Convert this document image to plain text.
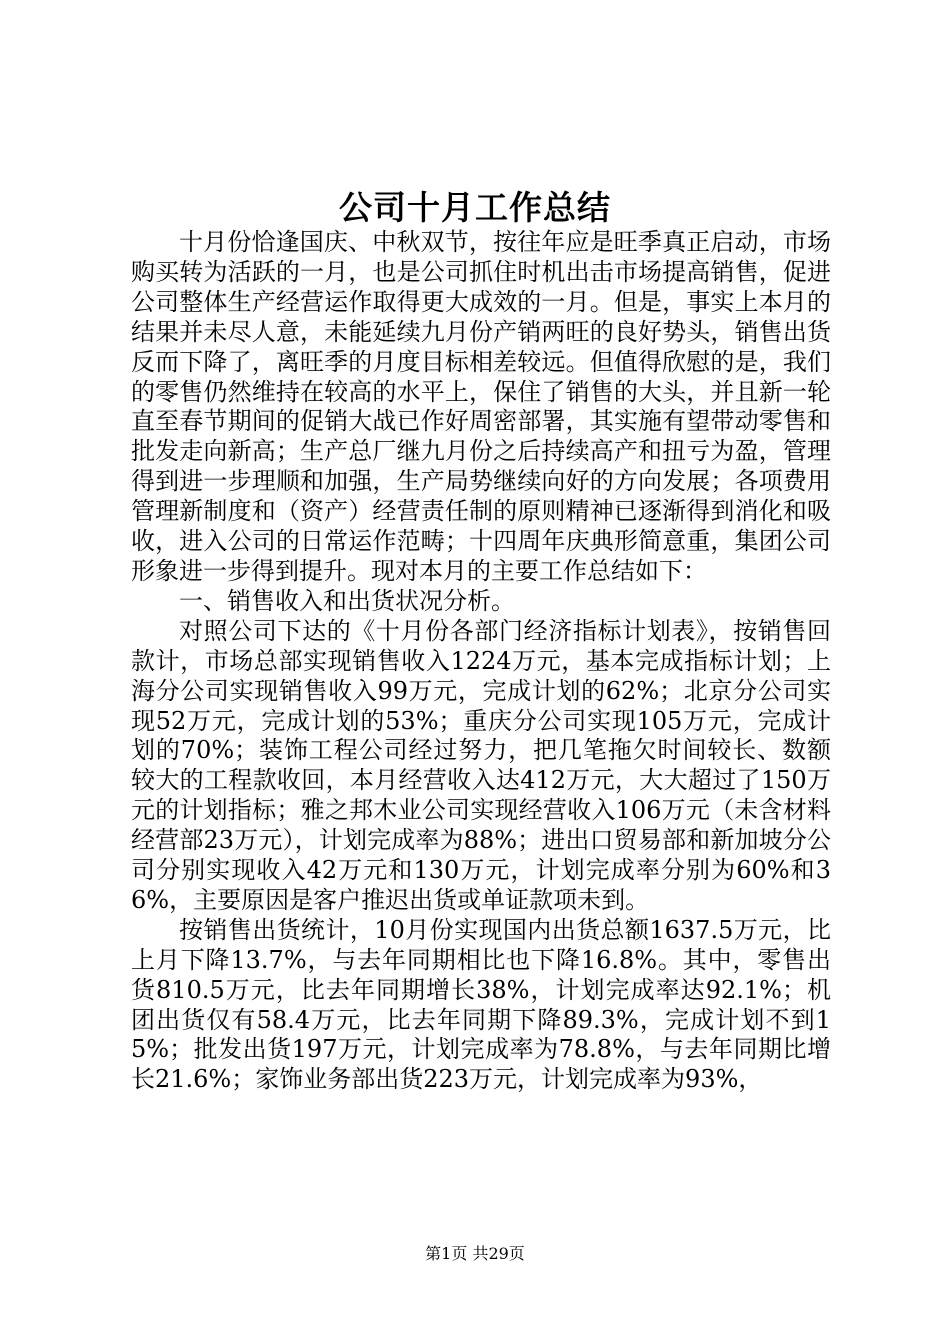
公司十月工作总结

十月份恰逢国庆、中秋双节，按往年应是旺季真正启动，市场购买转为活跃的一月，也是公司抓住时机出击市场提高销售，促进公司整体生产经营运作取得更大成效的一月。但是，事实上本月的结果并未尽人意，未能延续九月份产销两旺的良好势头，销售出货反而下降了，离旺季的月度目标相差较远。但值得欣慰的是，我们的零售仍然维持在较高的水平上，保住了销售的大头，并且新一轮直至春节期间的促销大战已作好周密部署，其实施有望带动零售和批发走向新高；生产总厂继九月份之后持续高产和扭亏为盈，管理得到进一步理顺和加强，生产局势继续向好的方向发展；各项费用管理新制度和（资产）经营责任制的原则精神已逐渐得到消化和吸收，进入公司的日常运作范畴；十四周年庆典形简意重，集团公司形象进一步得到提升。现对本月的主要工作总结如下：

一、销售收入和出货状况分析。

对照公司下达的《十月份各部门经济指标计划表》，按销售回款计，市场总部实现销售收入1224万元，基本完成指标计划；上海分公司实现销售收入99万元，完成计划的62%；北京分公司实现52万元，完成计划的53%；重庆分公司实现105万元，完成计划的70%；装饰工程公司经过努力，把几笔拖欠时间较长、数额较大的工程款收回，本月经营收入达412万元，大大超过了150万元的计划指标；雅之邦木业公司实现经营收入106万元（未含材料经营部23万元），计划完成率为88%；进出口贸易部和新加坡分公司分别实现收入42万元和130万元，计划完成率分别为60%和36%，主要原因是客户推迟出货或单证款项未到。

按销售出货统计，10月份实现国内出货总额1637.5万元，比上月下降13.7%，与去年同期相比也下降16.8%。其中，零售出货810.5万元，比去年同期增长38%，计划完成率达92.1%；机团出货仅有58.4万元，比去年同期下降89.3%，完成计划不到15%；批发出货197万元，计划完成率为78.8%，与去年同期比增长21.6%；家饰业务部出货223万元，计划完成率为93%，

第1页 共29页
